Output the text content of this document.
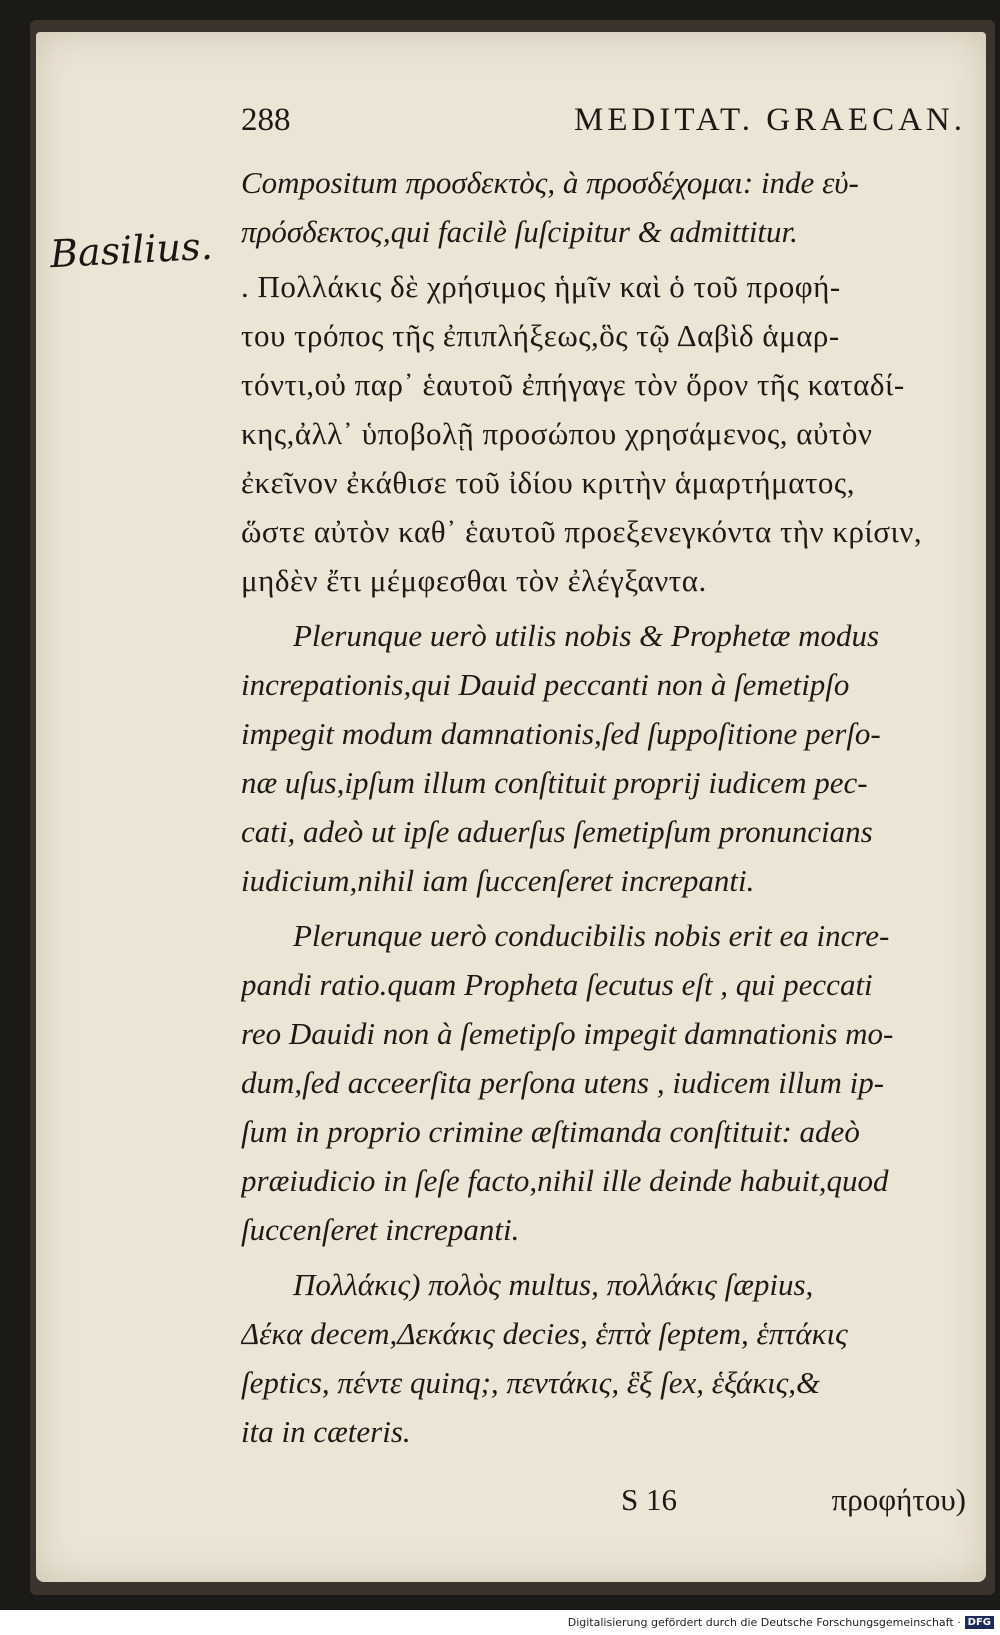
288	MEDITAT. GRAECAN.
Compositum προσδεκτὸς, à προσδέχομαι: inde εὐ-
πρόσδεκτος,qui facilè ſuſcipitur & admittitur.
. Πολλάκις δὲ χρήσιμος ἡμῖν καὶ ὁ τοῦ προφή-
του τρόπος τῆς ἐπιπλήξεως,ὃς τῷ Δαβὶδ ἁμαρ-
τόντι,οὐ παρ᾽ ἑαυτοῦ ἐπήγαγε τὸν ὅρον τῆς καταδί-
κης,ἀλλ᾽ ὑποβολῇ προσώπου χρησάμενος, αὐτὸν
ἐκεῖνον ἐκάθισε τοῦ ἰδίου κριτὴν ἁμαρτήματος,
ὥστε αὐτὸν καθ᾽ ἑαυτοῦ προεξενεγκόντα τὴν κρίσιν,
μηδὲν ἔτι μέμφεσθαι τὸν ἐλέγξαντα.
Plerunque uerò utilis nobis & Prophetæ modus
increpationis,qui Dauid peccanti non à ſemetipſo
impegit modum damnationis,ſed ſuppoſitione perſo-
næ uſus,ipſum illum conſtituit proprij iudicem pec-
cati, adeò ut ipſe aduerſus ſemetipſum pronuncians
iudicium,nihil iam ſuccenſeret increpanti.
Plerunque uerò conducibilis nobis erit ea incre-
pandi ratio.quam Propheta ſecutus eſt , qui peccati
reo Dauidi non à ſemetipſo impegit damnationis mo-
dum,ſed acceerſita perſona utens , iudicem illum ip-
ſum in proprio crimine æſtimanda conſtituit: adeò
præiudicio in ſeſe facto,nihil ille deinde habuit,quod
ſuccenſeret increpanti.
Πολλάκις) πολὸς multus, πολλάκις ſæpius,
Δέκα decem,Δεκάκις decies, ἑπτὰ ſeptem, ἑπτάκις
ſeptics, πέντε quinq;, πεντάκις, ἓξ ſex, ἑξάκις,&
ita in cæteris.
S 16	προφήτου)
Basilius.
Digitalisierung gefördert durch die Deutsche Forschungsgemeinschaft · DFG
